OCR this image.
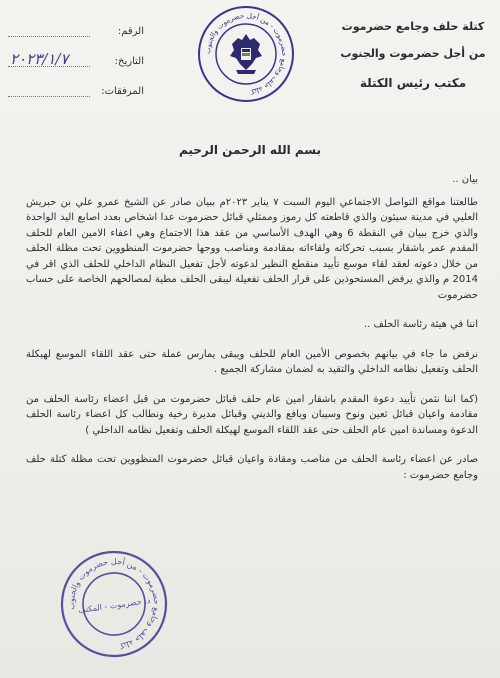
كتلة حلف وجامع حضرموت
من أجل حضرموت والجنوب
مكتب رئيس الكتلة
كتلة حلف وجامع حضرموت - من أجل حضرموت والجنوب
الرقم:
التاريخ:
٢٠٢٣/١/٧
المرفقات:
بسم الله الرحمن الرحيم

بيان ..

طالعتنا مواقع التواصل الاجتماعي اليوم السبت ٧ يناير ٢٠٢٣م ببيان صادر عن الشيخ عمرو علي بن حبريش العليي في مدينة سيئون والذي قاطعته كل رموز وممثلي قبائل حضرموت عدا اشخاص بعدد اصابع اليد الواحدة والذي خرج ببيان في النقطة 6 وهي الهدف الأساسي من عقد هذا الاجتماع وهي اعفاء الامين العام للحلف المقدم عمر باشقار بسبب تحركاته ولقاءاته بمقادمة ومناصب ووجها حضرموت المنظووين تحت مظلة الحلف من خلال دعوته لعقد لقاء موسع تأييد منقطع النظير لدعوته لأجل تفعيل النظام الداخلي للحلف الذي اقر في 2014 م والذي يرفض المستحوذين على قرار الحلف تفعيلة ليبقى الحلف مطية لمصالحهم الخاصة على حساب حضرموت

اننا في هيئة رئاسة الحلف ..

نرفض ما جاء في بيانهم بخصوص الأمين العام للحلف ويبقى يمارس عملة حتى عقد اللقاء الموسع لهيكلة الحلف وتفعيل نظامه الداخلي والتقيد به لضمان مشاركة الجميع .

(كما اننا نثمن تأييد دعوة المقدم باشقار امين عام حلف قبائل حضرموت من قبل اعضاء رئاسة الحلف من مقادمة واعيان قبائل ثعين ونوح وسيبان ويافع والديني وقبائل مديرة رخية ونطالب كل اعضاء رئاسة الحلف الدعوة ومساندة امين عام الحلف حتى عقد اللقاء الموسع لهيكلة الحلف وتفعيل نظامه الداخلي )

صادر عن اعضاء رئاسة الحلف من مناصب ومقادة واعيان قبائل حضرموت المنظووين تحت مظلة كتلة حلف وجامع حضرموت :

كتلة حلف وجامع حضرموت - من أجل حضرموت والجنوب
د. حضرموت - المكتب
